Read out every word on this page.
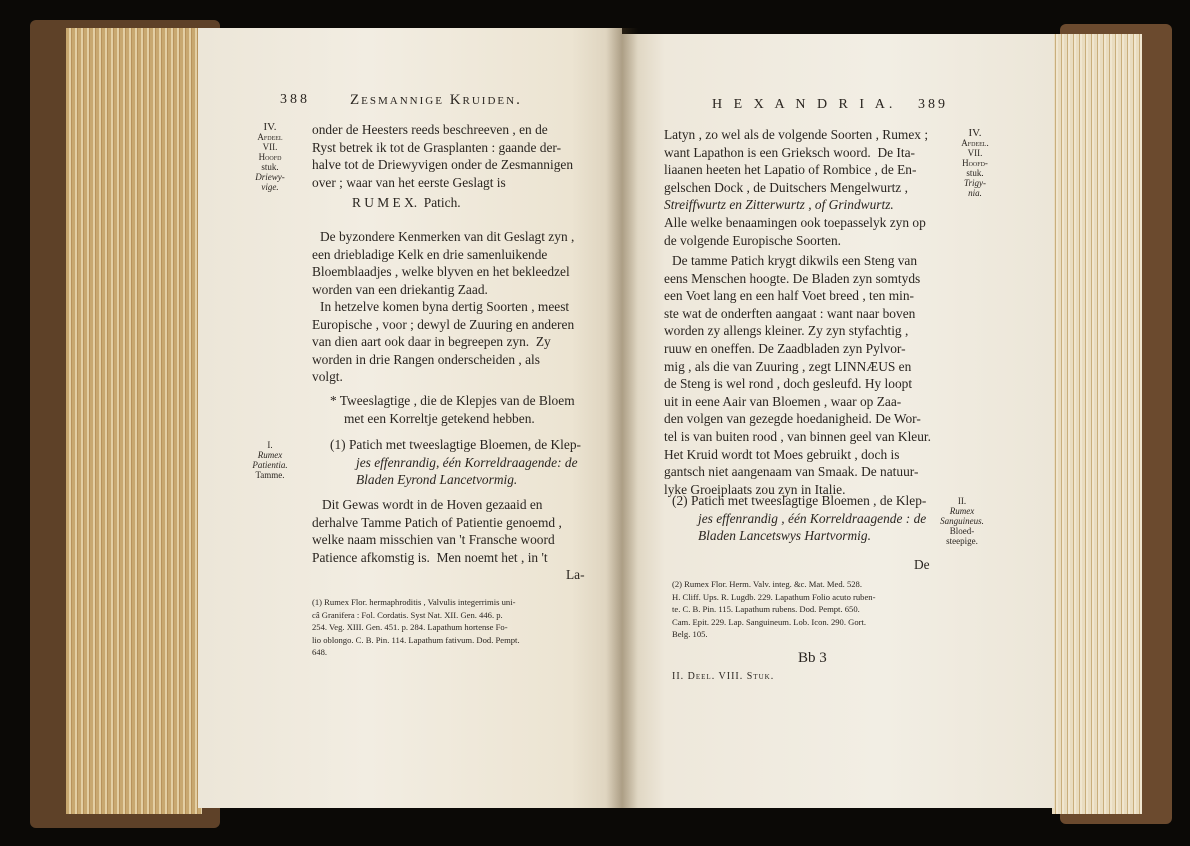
388	Zesmannige Kruiden.
IV.
Afdeel
VII.
Hoofd
stuk.
Driewy-
vige.
onder de Heesters reeds beschreeven , en de
Ryst betrek ik tot de Grasplanten : gaande der-
halve tot de Driewyvigen onder de Zesmannigen
over ; waar van het eerste Geslagt is
R U M E X.  Patich.
De byzondere Kenmerken van dit Geslagt zyn ,
een driebladige Kelk en drie samenluikende
Bloemblaadjes , welke blyven en het bekleedzel
worden van een driekantig Zaad.
In hetzelve komen byna dertig Soorten , meest
Europische , voor ; dewyl de Zuuring en anderen
van dien aart ook daar in begreepen zyn.  Zy
worden in drie Rangen onderscheiden , als
volgt.
* Tweeslagtige , die de Klepjes van de Bloem
met een Korreltje getekend hebben.
I.
Rumex
Patientia.
Tamme.
(1) Patich met tweeslagtige Bloemen, de Klep-
jes effenrandig, één Korreldraagende: de
Bladen Eyrond Lancetvormig.
Dit Gewas wordt in de Hoven gezaaid en
derhalve Tamme Patich of Patientie genoemd ,
welke naam misschien van 't Fransche woord
Patience afkomstig is.  Men noemt het , in 't
La-
(1) Rumex Flor. hermaphroditis , Valvulis integerrimis uni-
câ Granifera : Fol. Cordatis. Syst Nat. XII. Gen. 446. p.
254. Veg. XIII. Gen. 451. p. 284. Lapathum hortense Fo-
lio oblongo. C. B. Pin. 114. Lapathum fativum. Dod. Pempt.
648.
H E X A N D R I A. 389
Latyn , zo wel als de volgende Soorten , Rumex ;
want Lapathon is een Grieksch woord.  De Ita-
liaanen heeten het Lapatio of Rombice , de En-
gelschen Dock , de Duitschers Mengelwurtz ,
Streiffwurtz en Zitterwurtz , of Grindwurtz.
Alle welke benaamingen ook toepasselyk zyn op
de volgende Europische Soorten.
IV.
Afdeel.
VII.
Hoofd-
stuk.
Trigy-
nia.
De tamme Patich krygt dikwils een Steng van
eens Menschen hoogte. De Bladen zyn somtyds
een Voet lang en een half Voet breed , ten min-
ste wat de onderften aangaat : want naar boven
worden zy allengs kleiner. Zy zyn styfachtig ,
ruuw en oneffen. De Zaadbladen zyn Pylvor-
mig , als die van Zuuring , zegt LINNÆUS en
de Steng is wel rond , doch gesleufd. Hy loopt
uit in eene Aair van Bloemen , waar op Zaa-
den volgen van gezegde hoedanigheid. De Wor-
tel is van buiten rood , van binnen geel van Kleur.
Het Kruid wordt tot Moes gebruikt , doch is
gantsch niet aangenaam van Smaak. De natuur-
lyke Groeiplaats zou zyn in Italie.
(2) Patich met tweeslagtige Bloemen , de Klep-
jes effenrandig , één Korreldraagende : de
Bladen Lancetswys Hartvormig.
II.
Rumex
Sanguineus.
Bloed-
steepige.
De
(2) Rumex Flor. Herm. Valv. integ. &c. Mat. Med. 528.
H. Cliff. Ups. R. Lugdb. 229. Lapathum Folio acuto ruben-
te. C. B. Pin. 115. Lapathum rubens. Dod. Pempt. 650.
Cam. Epit. 229. Lap. Sanguineum. Lob. Icon. 290. Gort.
Belg. 105.
Bb 3
II. Deel. VIII. Stuk.
